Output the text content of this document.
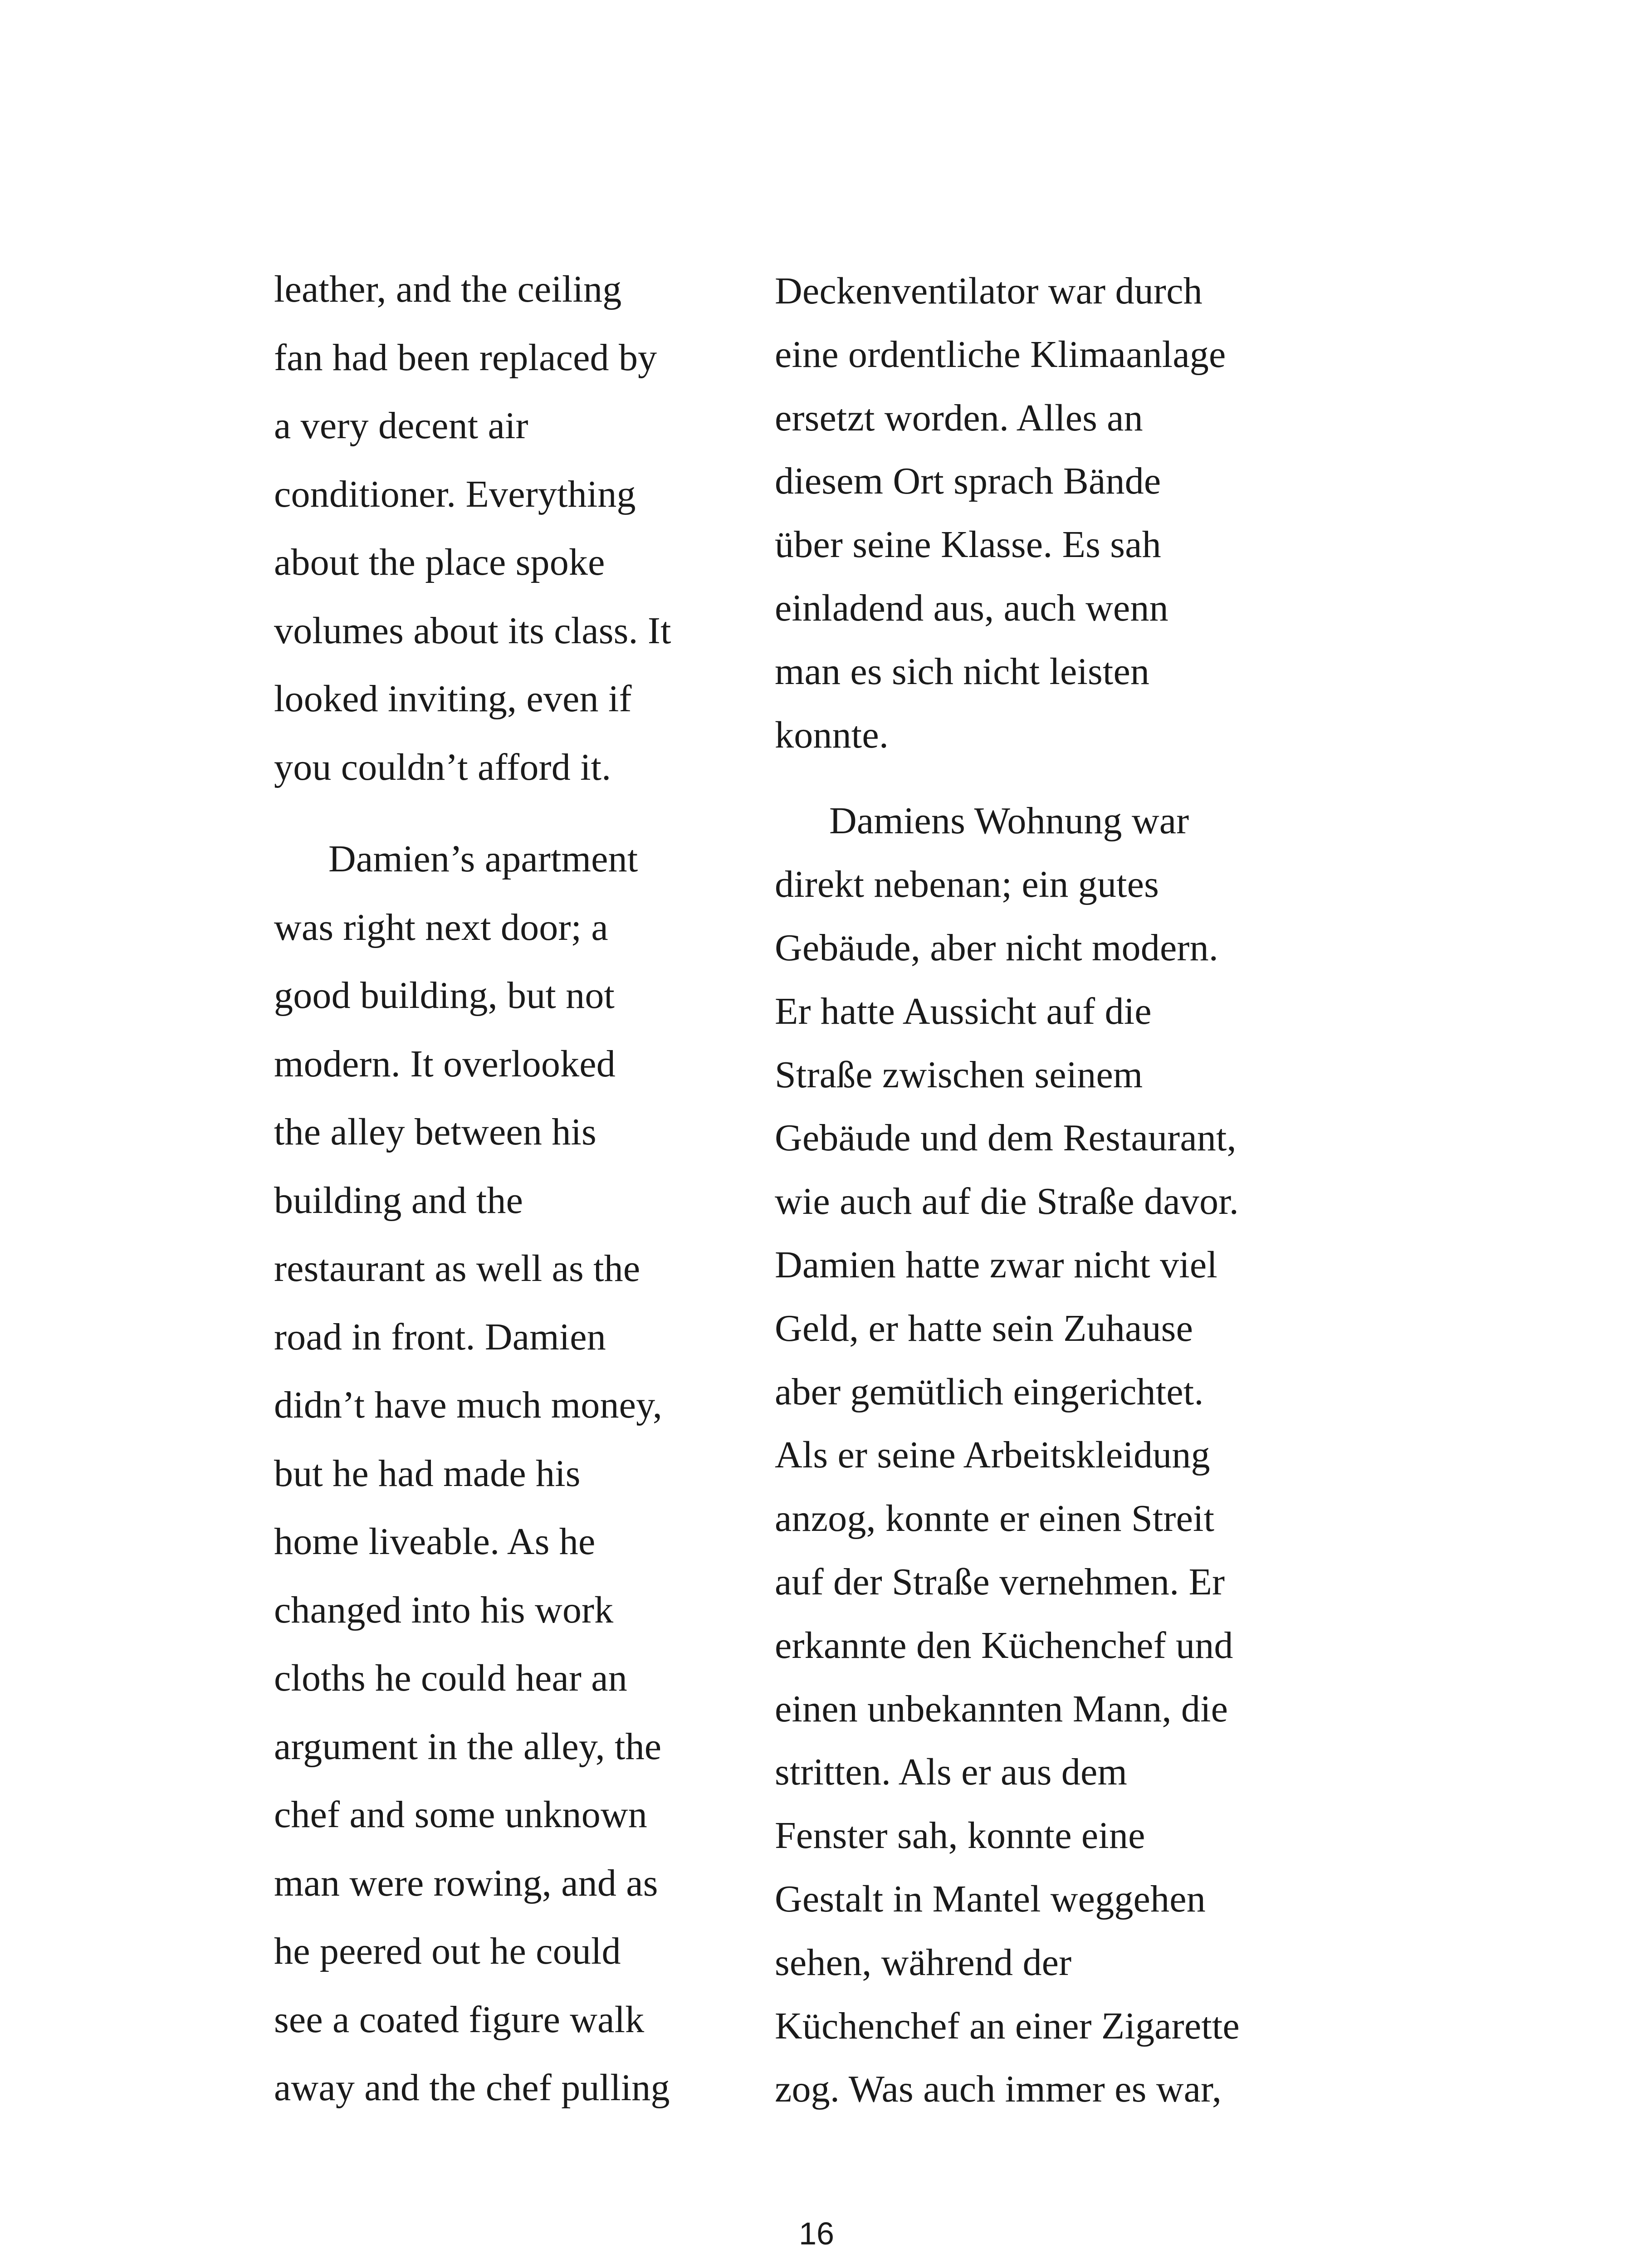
leather, and the ceiling
fan had been replaced by
a very decent air
conditioner. Everything
about the place spoke
volumes about its class. It
looked inviting, even if
you couldn’t afford it.
Damien’s apartment
was right next door; a
good building, but not
modern. It overlooked
the alley between his
building and the
restaurant as well as the
road in front. Damien
didn’t have much money,
but he had made his
home liveable. As he
changed into his work
cloths he could hear an
argument in the alley, the
chef and some unknown
man were rowing, and as
he peered out he could
see a coated figure walk
away and the chef pulling
Deckenventilator war durch
eine ordentliche Klimaanlage
ersetzt worden. Alles an
diesem Ort sprach Bände
über seine Klasse. Es sah
einladend aus, auch wenn
man es sich nicht leisten
konnte.
Damiens Wohnung war
direkt nebenan; ein gutes
Gebäude, aber nicht modern.
Er hatte Aussicht auf die
Straße zwischen seinem
Gebäude und dem Restaurant,
wie auch auf die Straße davor.
Damien hatte zwar nicht viel
Geld, er hatte sein Zuhause
aber gemütlich eingerichtet.
Als er seine Arbeitskleidung
anzog, konnte er einen Streit
auf der Straße vernehmen. Er
erkannte den Küchenchef und
einen unbekannten Mann, die
stritten. Als er aus dem
Fenster sah, konnte eine
Gestalt in Mantel weggehen
sehen, während der
Küchenchef an einer Zigarette
zog. Was auch immer es war,
16
